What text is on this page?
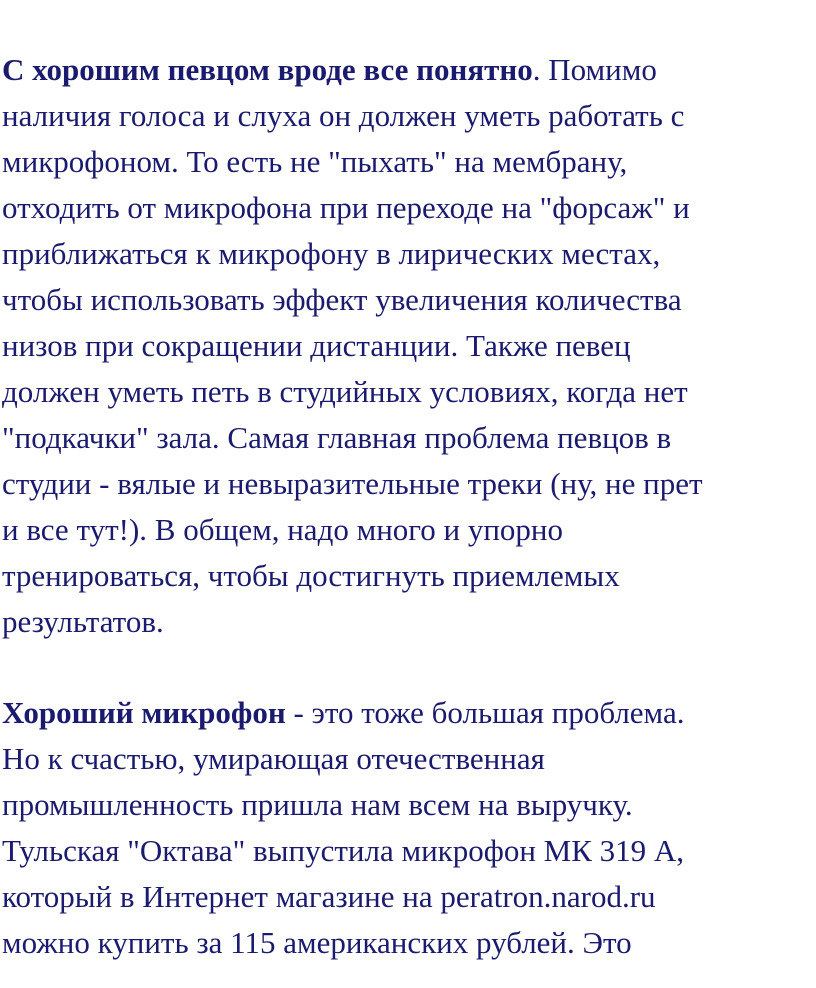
С хорошим певцом вроде все понятно. Помимо
наличия голоса и слуха он должен уметь работать с
микрофоном. То есть не "пыхать" на мембрану,
отходить от микрофона при переходе на "форсаж" и
приближаться к микрофону в лирических местах,
чтобы использовать эффект увеличения количества
низов при сокращении дистанции. Также певец
должен уметь петь в студийных условиях, когда нет
"подкачки" зала. Самая главная проблема певцов в
студии - вялые и невыразительные треки (ну, не прет
и все тут!). В общем, надо много и упорно
тренироваться, чтобы достигнуть приемлемых
результатов.
Хороший микрофон - это тоже большая проблема.
Но к счастью, умирающая отечественная
промышленность пришла нам всем на выручку.
Тульская "Октава" выпустила микрофон МК 319 А,
который в Интернет магазине на peratron.narod.ru
можно купить за 115 американских рублей. Это
